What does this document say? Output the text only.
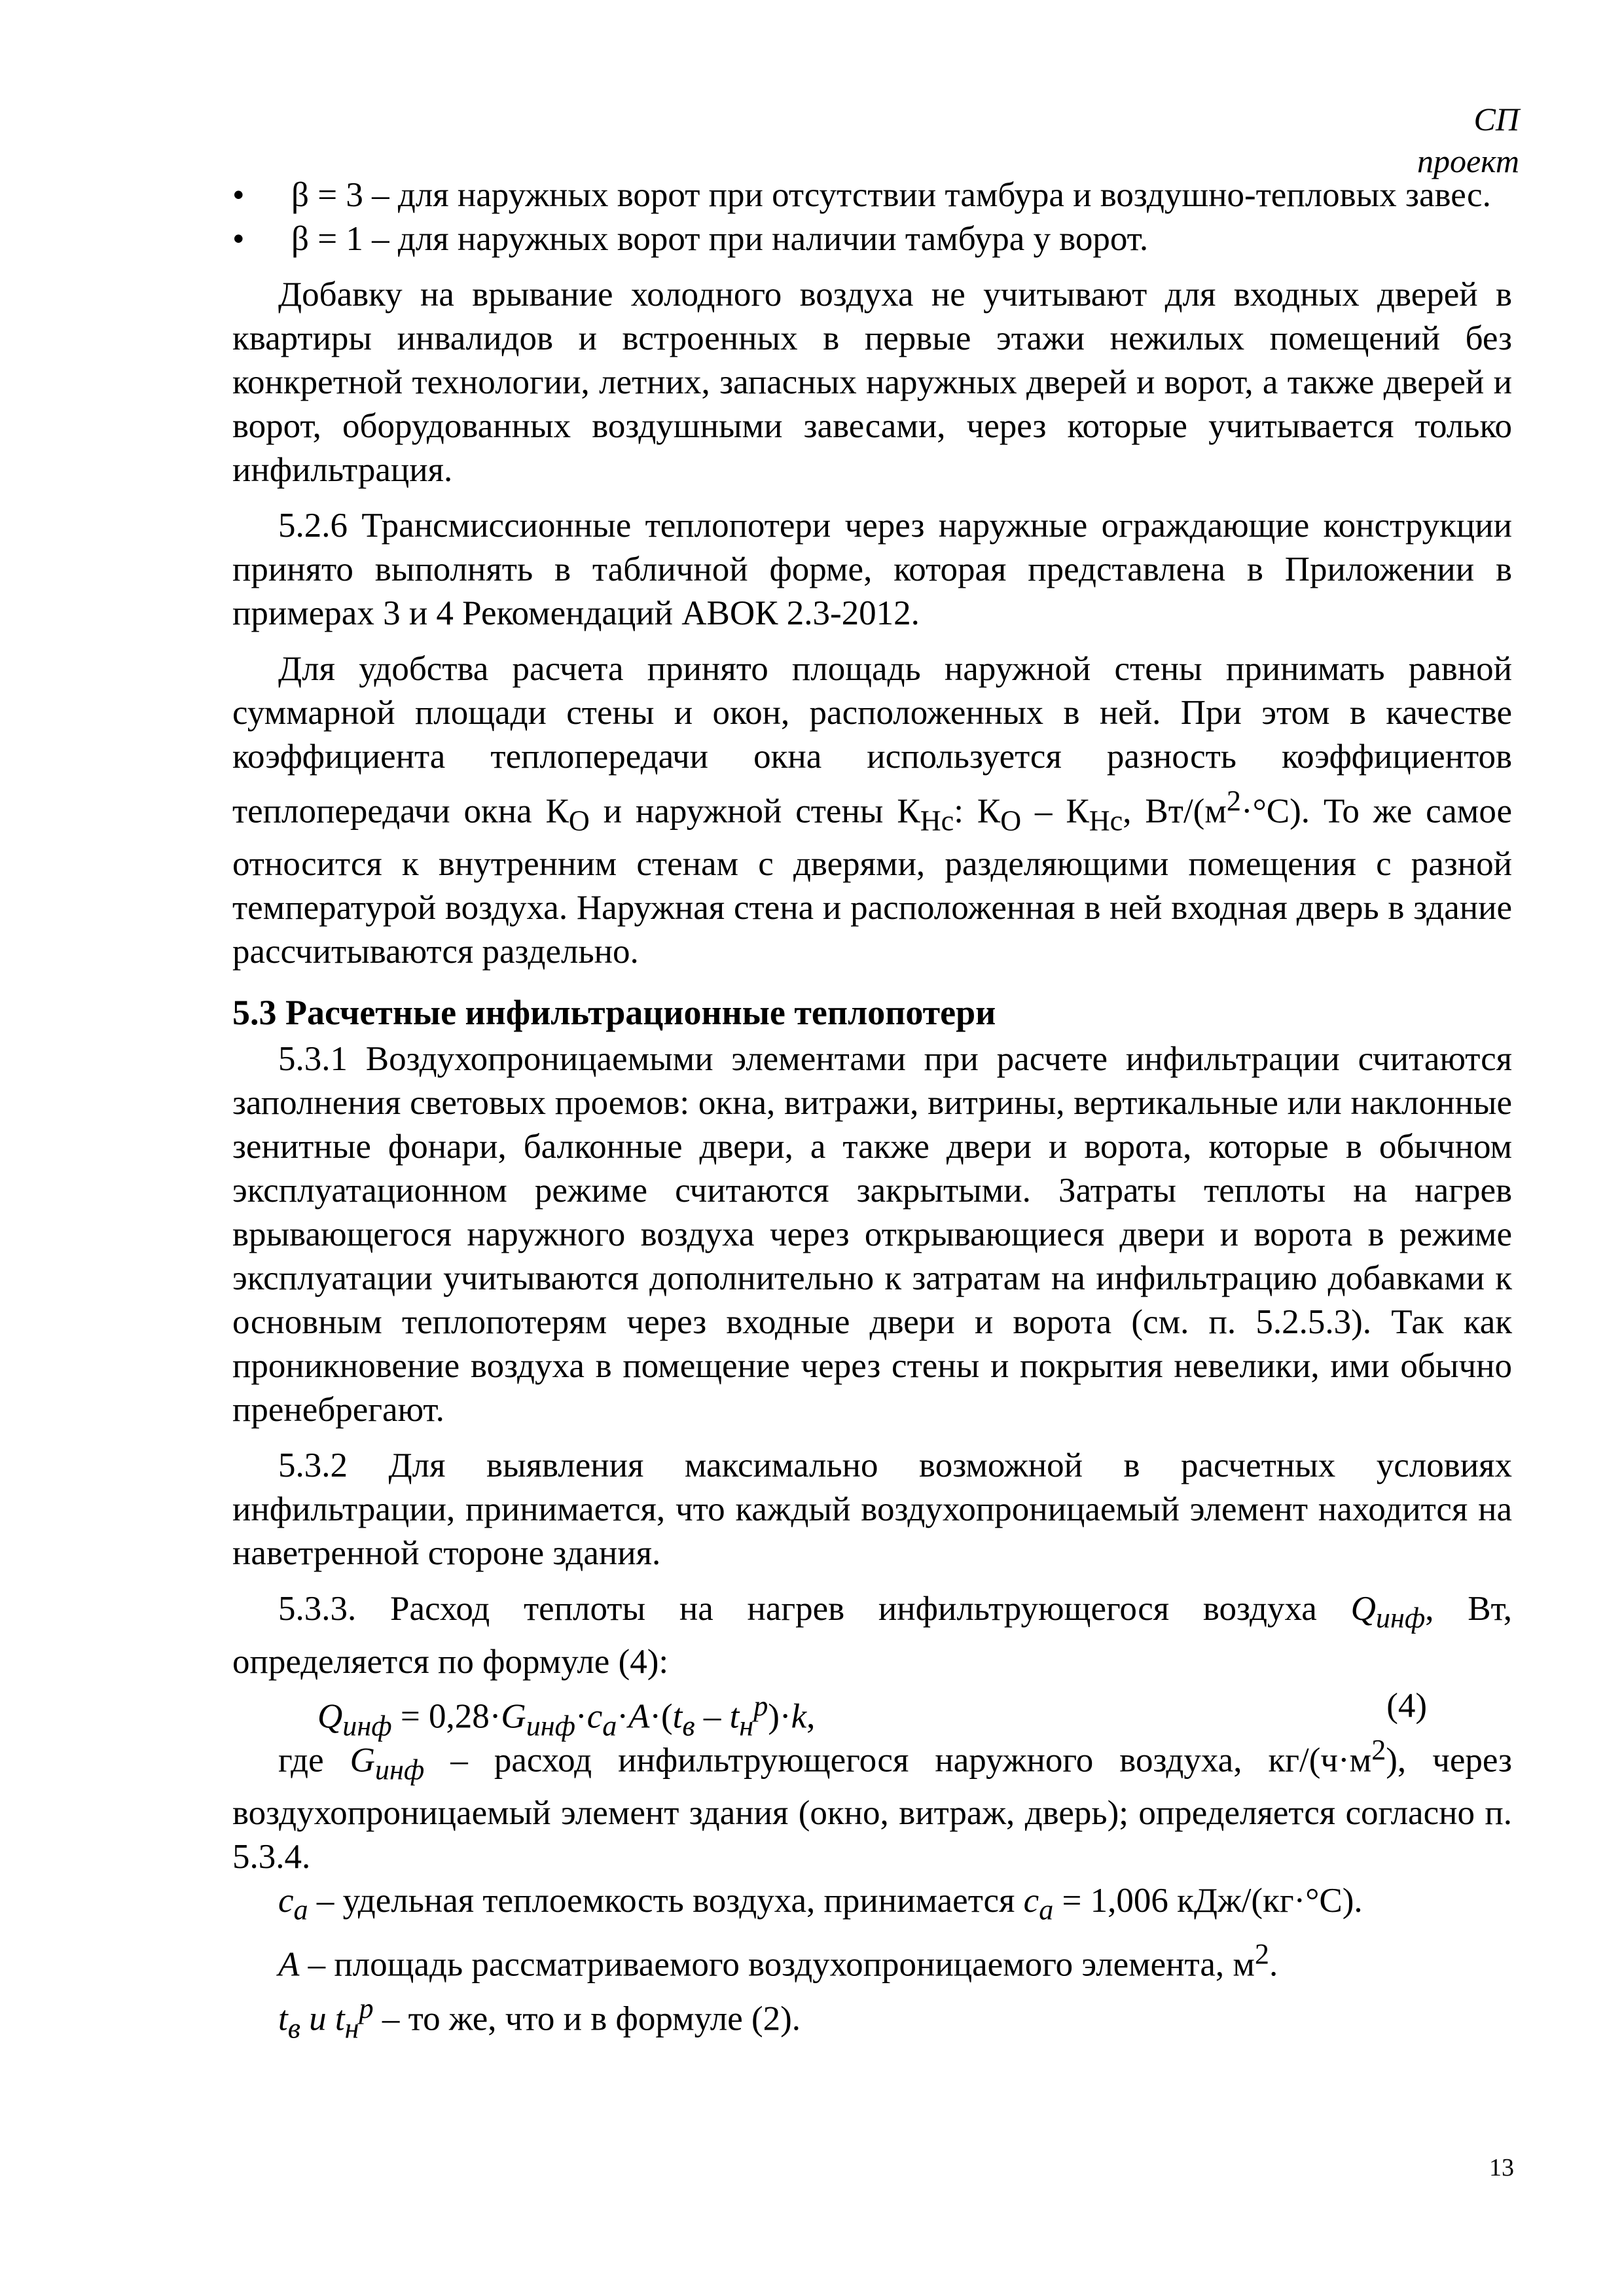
СП
проект
• β = 3 – для наружных ворот при отсутствии тамбура и воздушно-тепловых завес.
• β = 1 – для наружных ворот при наличии тамбура у ворот.

Добавку на врывание холодного воздуха не учитывают для входных дверей в квартиры инвалидов и встроенных в первые этажи нежилых помещений без конкретной технологии, летних, запасных наружных дверей и ворот, а также дверей и ворот, оборудованных воздушными завесами, через которые учитывается только инфильтрация.

5.2.6 Трансмиссионные теплопотери через наружные ограждающие конструкции принято выполнять в табличной форме, которая представлена в Приложении в примерах 3 и 4 Рекомендаций АВОК 2.3-2012.

Для удобства расчета принято площадь наружной стены принимать равной суммарной площади стены и окон, расположенных в ней. При этом в качестве коэффициента теплопередачи окна используется разность коэффициентов теплопередачи окна $К_О$ и наружной стены $К_{Нс}$: $К_О - К_{Нс}$, $Вт/(м^2\cdot^\circ С)$. То же самое относится к внутренним стенам с дверями, разделяющими помещения с разной температурой воздуха. Наружная стена и расположенная в ней входная дверь в здание рассчитываются раздельно.

5.3 Расчетные инфильтрационные теплопотери

5.3.1 Воздухопроницаемыми элементами при расчете инфильтрации считаются заполнения световых проемов: окна, витражи, витрины, вертикальные или наклонные зенитные фонари, балконные двери, а также двери и ворота, которые в обычном эксплуатационном режиме считаются закрытыми. Затраты теплоты на нагрев врывающегося наружного воздуха через открывающиеся двери и ворота в режиме эксплуатации учитываются дополнительно к затратам на инфильтрацию добавками к основным теплопотерям через входные двери и ворота (см. п. 5.2.5.3). Так как проникновение воздуха в помещение через стены и покрытия невелики, ими обычно пренебрегают.

5.3.2 Для выявления максимально возможной в расчетных условиях инфильтрации, принимается, что каждый воздухопроницаемый элемент находится на наветренной стороне здания.

5.3.3. Расход теплоты на нагрев инфильтрующегося воздуха $Q_{инф}$, Вт, определяется по формуле (4):

$Q_{инф} = 0,28\cdot G_{инф}\cdot c_a\cdot A\cdot(t_в - t_н^р)\cdot k$,	(4)

где $G_{инф}$ – расход инфильтрующегося наружного воздуха, $кг/(ч\cdot м^2)$, через воздухопроницаемый элемент здания (окно, витраж, дверь); определяется согласно п. 5.3.4.

$c_a$ – удельная теплоемкость воздуха, принимается $c_a = 1,006$ кДж/(кг·°С).

A – площадь рассматриваемого воздухопроницаемого элемента, $м^2$.

$t_в$ и $t_н^р$ – то же, что и в формуле (2).

13
